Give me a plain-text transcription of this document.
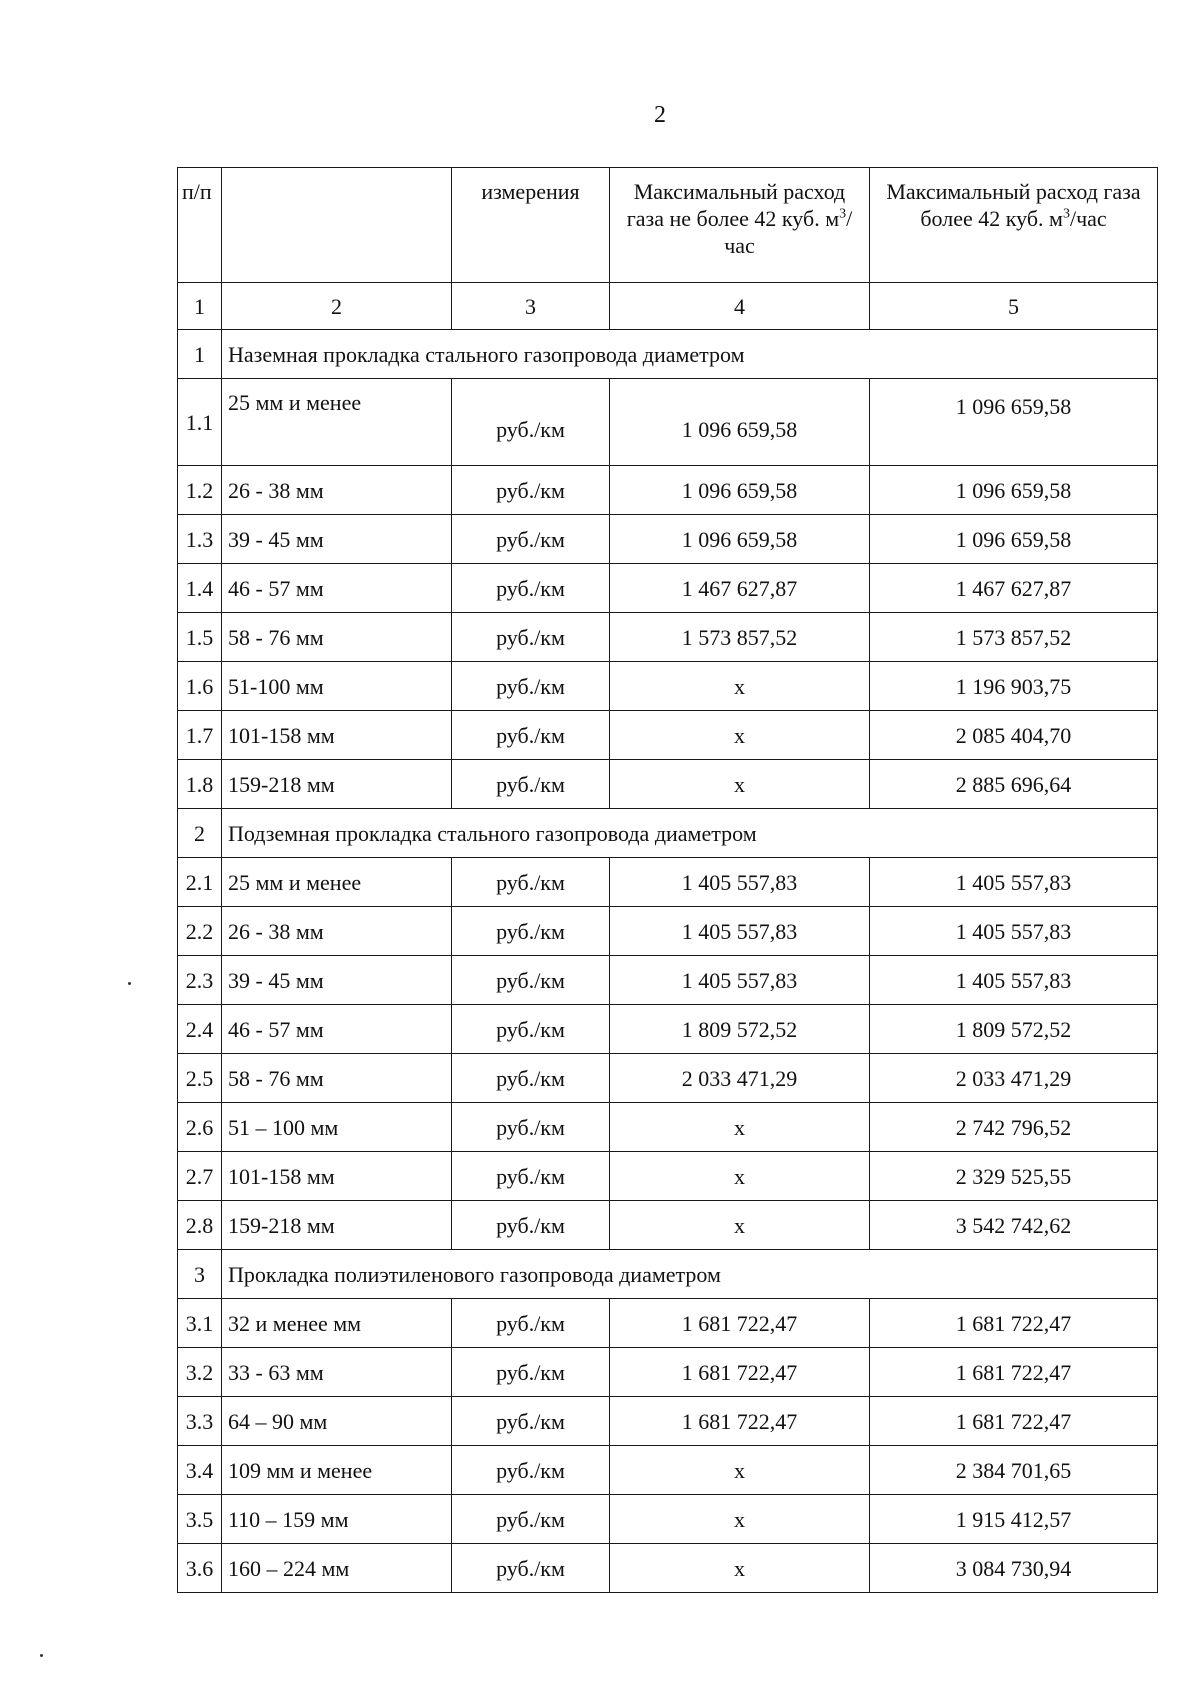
2
п/п		измерения	Максимальный расход газа не более 42 куб. $м^3$/час	Максимальный расход газа более 42 куб. $м^3$/час
1	2	3	4	5
1	Наземная прокладка стального газопровода диаметром			
1.1	25 мм и менее	руб./км	1 096 659,58	1 096 659,58
1.2	26 - 38 мм	руб./км	1 096 659,58	1 096 659,58
1.3	39 - 45 мм	руб./км	1 096 659,58	1 096 659,58
1.4	46 - 57 мм	руб./км	1 467 627,87	1 467 627,87
1.5	58 - 76 мм	руб./км	1 573 857,52	1 573 857,52
1.6	51-100 мм	руб./км	х	1 196 903,75
1.7	101-158 мм	руб./км	х	2 085 404,70
1.8	159-218 мм	руб./км	х	2 885 696,64
2	Подземная прокладка стального газопровода диаметром			
2.1	25 мм и менее	руб./км	1 405 557,83	1 405 557,83
2.2	26 - 38 мм	руб./км	1 405 557,83	1 405 557,83
2.3	39 - 45 мм	руб./км	1 405 557,83	1 405 557,83
2.4	46 - 57 мм	руб./км	1 809 572,52	1 809 572,52
2.5	58 - 76 мм	руб./км	2 033 471,29	2 033 471,29
2.6	51 – 100 мм	руб./км	х	2 742 796,52
2.7	101-158 мм	руб./км	х	2 329 525,55
2.8	159-218 мм	руб./км	х	3 542 742,62
3	Прокладка полиэтиленового газопровода диаметром			
3.1	32 и менее мм	руб./км	1 681 722,47	1 681 722,47
3.2	33 - 63 мм	руб./км	1 681 722,47	1 681 722,47
3.3	64 – 90 мм	руб./км	1 681 722,47	1 681 722,47
3.4	109 мм и менее	руб./км	х	2 384 701,65
3.5	110 – 159 мм	руб./км	х	1 915 412,57
3.6	160 – 224 мм	руб./км	х	3 084 730,94
